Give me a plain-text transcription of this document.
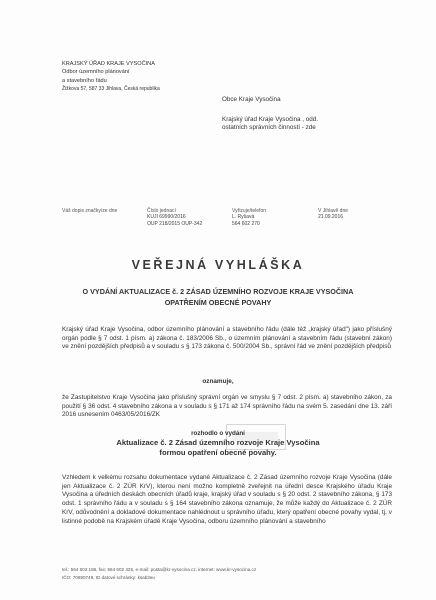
KRAJSKÝ ÚŘAD KRAJE VYSOČINA
Odbor územního plánování
a stavebního řádu
Žižkova 57, 587 33 Jihlava, Česká republika
Obce Kraje Vysočina
Krajský úřad Kraje Vysočina , odd.
ostatních správních činností - zde
Váš dopis značky/ze dne	Číslo jednací
KUJI 69990/2016
OUP 218/2015 OUP-342
Vyřizuje/telefon
L. Ryšavá
564 602 270
V Jihlavě dne
21.09.2016
VEŘEJNÁ VYHLÁŠKA
O VYDÁNÍ AKTUALIZACE č. 2 ZÁSAD ÚZEMNÍHO ROZVOJE KRAJE VYSOČINA
OPATŘENÍM OBECNÉ POVAHY
Krajský úřad Kraje Vysočina, odbor územního plánování a stavebního řádu (dále též „krajský úřad") jako příslušný orgán podle § 7 odst. 1 písm. a) zákona č. 183/2006 Sb., o územním plánování a stavebním řádu (stavební zákon) ve znění pozdějších předpisů a v souladu s § 173 zákona č. 500/2004 Sb., správní řád ve znění pozdějších předpisů
oznamuje,
že Zastupitelstvo Kraje Vysočina jako příslušný správní orgán ve smyslu § 7 odst. 2 písm. a) stavebního zákon, za použití § 36 odst. 4 stavebního zákona a v souladu s § 171 až 174 správního řádu na svém 5. zasedání dne 13. září 2016 usnesením 0463/05/2016/ZK
rozhodlo o vydání
Aktualizace č. 2 Zásad územního rozvoje Kraje Vysočina
formou opatření obecné povahy.
Vzhledem k velkému rozsahu dokumentace vydané Aktualizace č. 2 Zásad územního rozvoje Kraje Vysočina (dále jen Aktualizace č. 2 ZÚR KrV), kterou není možno kompletně zveřejnit na úřední desce Krajského úřadu Kraje Vysočina a úředních deskách obecních úřadů kraje, krajský úřad v souladu s § 20 odst. 2 stavebního zákona, § 173 odst. 1 správního řádu a v souladu s § 164 stavebního zákona oznamuje, že může každý do Aktualizace č. 2 ZÚR KrV, odůvodnění a dokladové dokumentace nahlédnout u správního úřadu, který opatření obecné povahy vydal, tj. v listinné podobě na Krajském úřadě Kraje Vysočina, odboru územního plánování a stavebního
tel.: 564 602 186, fax: 564 602 425, e-mail: posta@kr-vysocina.cz, internet: www.kr-vysocina.cz
IČO: 70890749, ID datové schránky: ksab3eu
